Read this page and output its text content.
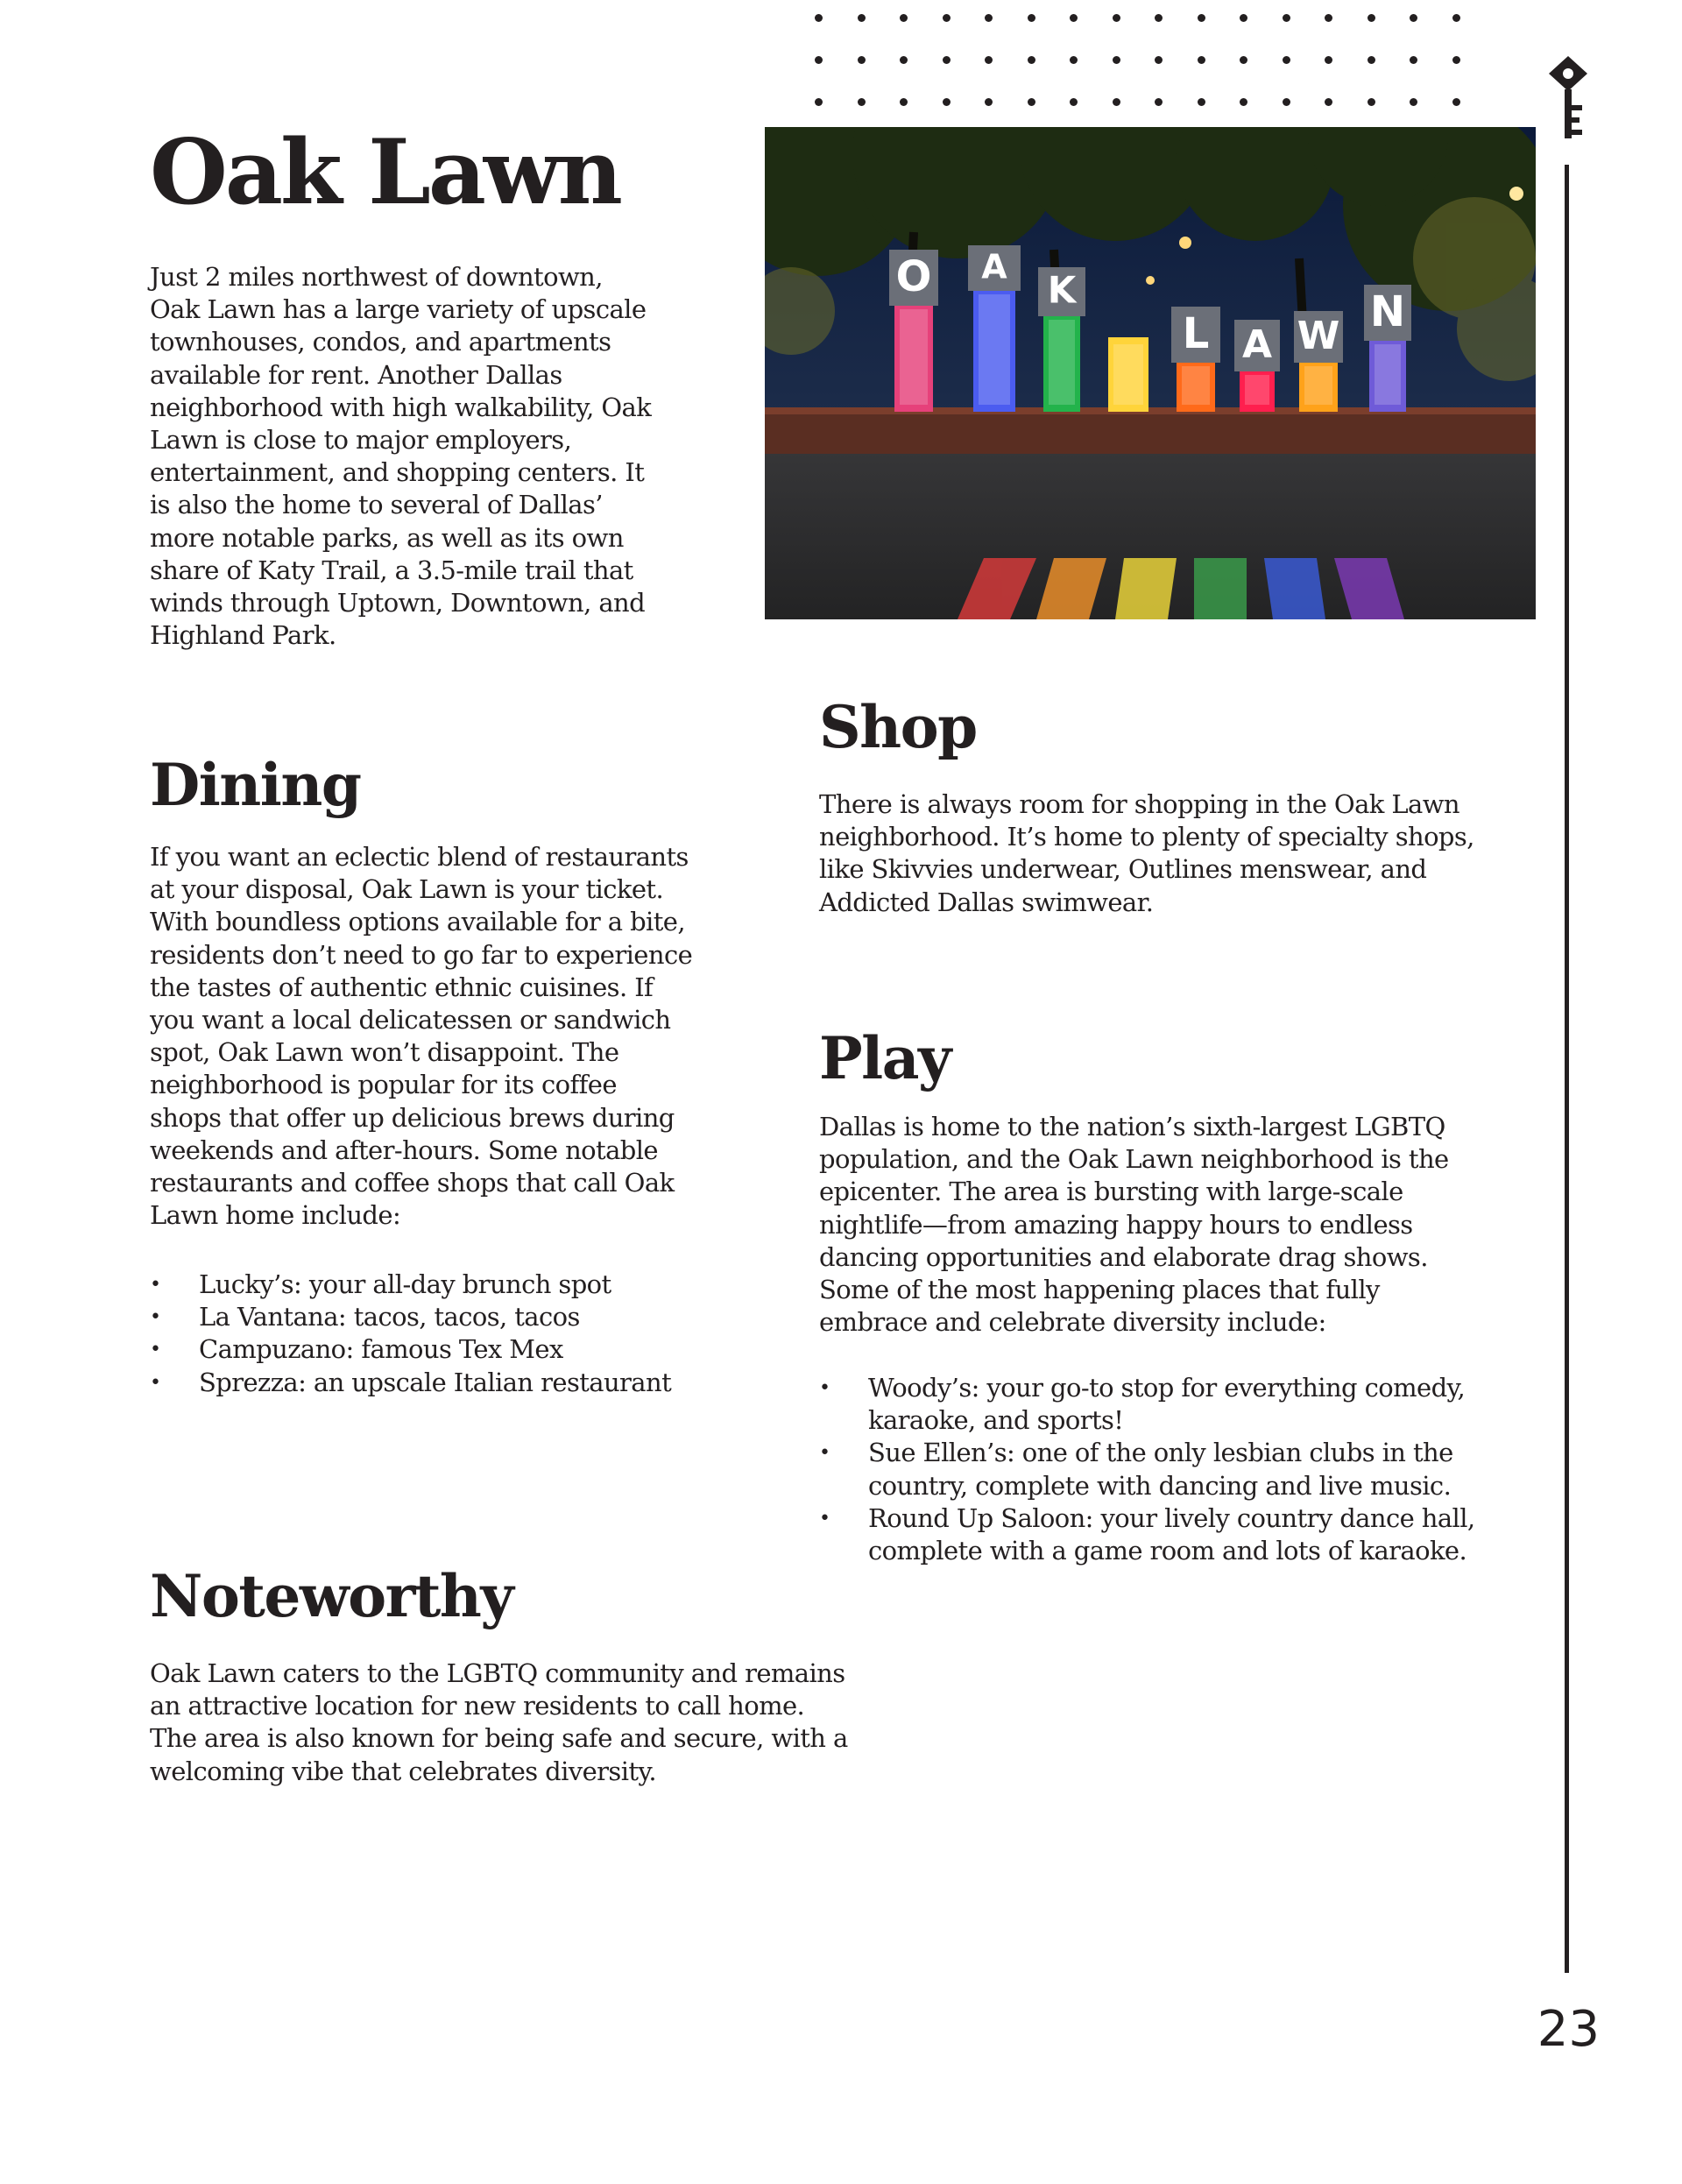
Oak Lawn

Just 2 miles northwest of downtown, Oak Lawn has a large variety of upscale townhouses, condos, and apartments available for rent. Another Dallas neighborhood with high walkability, Oak Lawn is close to major employers, entertainment, and shopping centers. It is also the home to several of Dallas’ more notable parks, as well as its own share of Katy Trail, a 3.5-mile trail that winds through Uptown, Downtown, and Highland Park.

O A
K
L A W N
Dining

If you want an eclectic blend of restaurants at your disposal, Oak Lawn is your ticket. With boundless options available for a bite, residents don’t need to go far to experience the tastes of authentic ethnic cuisines. If you want a local delicatessen or sandwich spot, Oak Lawn won’t disappoint. The neighborhood is popular for its coffee shops that offer up delicious brews during weekends and after-hours. Some notable restaurants and coffee shops that call Oak Lawn home include:

• Lucky’s: your all-day brunch spot
• La Vantana: tacos, tacos, tacos
• Campuzano: famous Tex Mex
• Sprezza: an upscale Italian restaurant
Noteworthy

Oak Lawn caters to the LGBTQ community and remains an attractive location for new residents to call home. The area is also known for being safe and secure, with a welcoming vibe that celebrates diversity.

Shop

There is always room for shopping in the Oak Lawn neighborhood. It’s home to plenty of specialty shops, like Skivvies underwear, Outlines menswear, and Addicted Dallas swimwear.

Play

Dallas is home to the nation’s sixth-largest LGBTQ population, and the Oak Lawn neighborhood is the epicenter. The area is bursting with large-scale nightlife—from amazing happy hours to endless dancing opportunities and elaborate drag shows. Some of the most happening places that fully embrace and celebrate diversity include:

• Woody’s: your go-to stop for everything comedy, karaoke, and sports!
• Sue Ellen’s: one of the only lesbian clubs in the country, complete with dancing and live music.
• Round Up Saloon: your lively country dance hall, complete with a game room and lots of karaoke.
23
